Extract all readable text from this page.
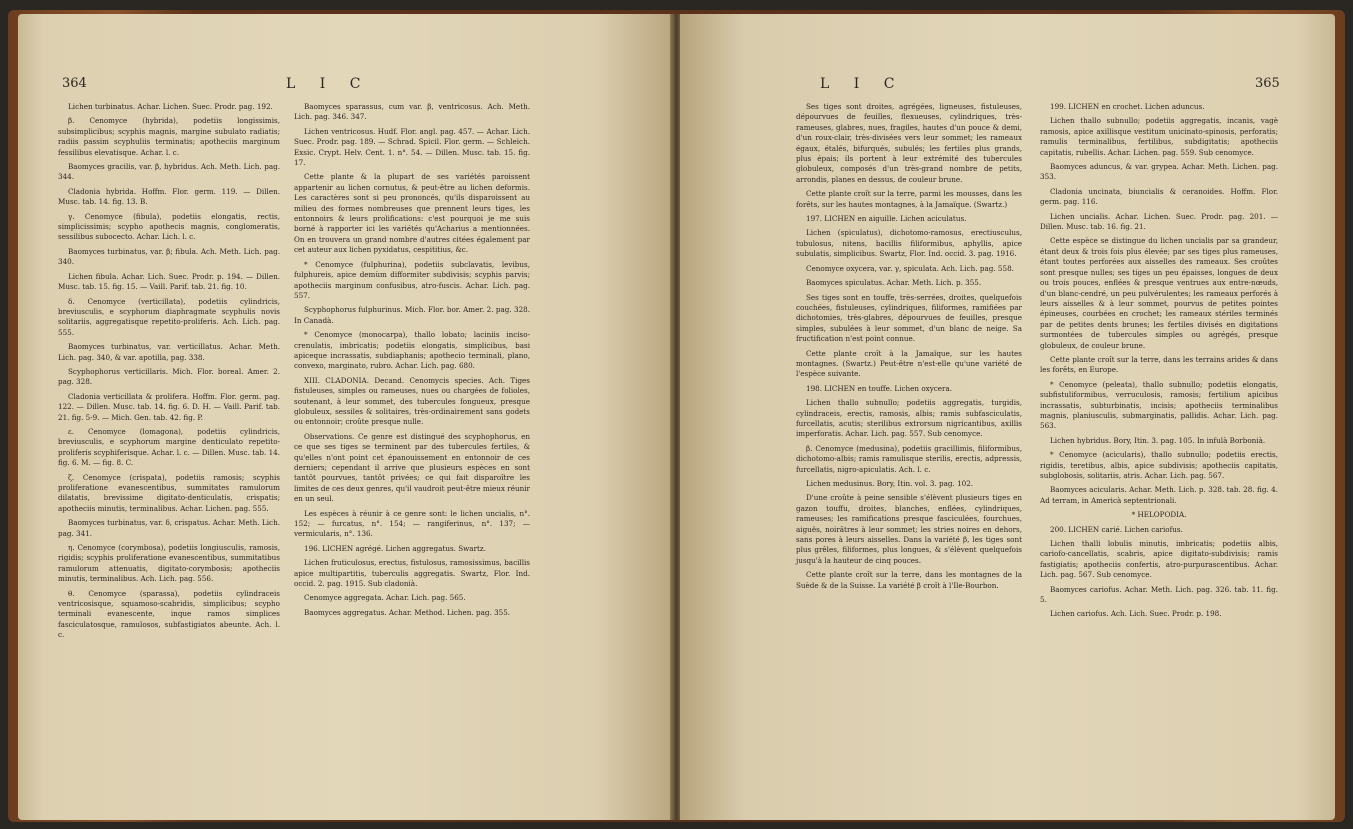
364	L I C

Lichen turbinatus. Achar. Lichen. Suec. Prodr. pag. 192.

β. Cenomyce (hybrida), podetiis longissimis, subsimplicibus; scyphis magnis, margine subulato radiatis; radiis passim scyphuliis terminatis; apotheciis marginum fessilibus elevatisque. Achar. l. c.

Baomyces gracilis, var. β, hybridus. Ach. Meth. Lich. pag. 344.

Cladonia hybrida. Hoffm. Flor. germ. 119. — Dillen. Musc. tab. 14. fig. 13. B.

γ. Cenomyce (fibula), podetiis elongatis, rectis, simplicissimis; scypho apothecis magnis, conglomeratis, sessilibus subocecto. Achar. Lich. l. c.

Baomyces turbinatus, var. β; fibula. Ach. Meth. Lich. pag. 340.

Lichen fibula. Achar. Lich. Suec. Prodr. p. 194. — Dillen. Musc. tab. 15. fig. 15. — Vaill. Parif. tab. 21. fig. 10.

δ. Cenomyce (verticillata), podetiis cylindricis, breviusculis, e scyphorum diaphragmate scyphulis novis solitariis, aggregatisque repetito-proliferis. Ach. Lich. pag. 555.

Baomyces turbinatus, var. verticillatus. Achar. Meth. Lich. pag. 340, & var. apotilla, pag. 338.

Scyphophorus verticillaris. Mich. Flor. boreal. Amer. 2. pag. 328.

Cladonia verticillata & prolifera. Hoffm. Flor. germ. pag. 122. — Dillen. Musc. tab. 14. fig. 6. D. H. — Vaill. Parif. tab. 21. fig. 5-9. — Mich. Gen. tab. 42. fig. P.

ε. Cenomyce (lomagona), podetiis cylindricis, breviusculis, e scyphorum margine denticulato repetito-proliferis scyphiferisque. Achar. l. c. — Dillen. Musc. tab. 14. fig. 6. M. — fig. 8. C.

ζ. Cenomyce (crispata), podetiis ramosis; scyphis proliferatione evanescentibus, summitates ramulorum dilatatis, brevissime digitato-denticulatis, crispatis; apotheciis minutis, terminalibus. Achar. Lichen. pag. 555.

Baomyces turbinatus, var. δ, crispatus. Achar. Meth. Lich. pag. 341.

η. Cenomyce (corymbosa), podetiis longiusculis, ramosis, rigidis; scyphis proliferatione evanescentibus, summitatibus ramulorum attenuatis, digitato-corymbosis; apotheciis minutis, terminalibus. Ach. Lich. pag. 556.

θ. Cenomyce (sparassa), podetiis cylindraceis ventricosisque, squamoso-scabridis, simplicibus; scypho terminali evanescente, inque ramos simplices fasciculatosque, ramulosos, subfastigiatos abeunte. Ach. l. c.

Baomyces sparassus, cum var. β, ventricosus. Ach. Meth. Lich. pag. 346. 347.

Lichen ventricosus. Hudf. Flor. angl. pag. 457. — Achar. Lich. Suec. Prodr. pag. 189. — Schrad. Spicil. Flor. germ. — Schleich. Exsic. Crypt. Helv. Cent. 1. n°. 54. — Dillen. Musc. tab. 15. fig. 17.

Cette plante & la plupart de ses variétés paroissent appartenir au lichen cornutus, & peut-être au lichen deformis. Les caractères sont si peu prononcés, qu'ils disparoissent au milieu des formes nombreuses que prennent leurs tiges, les entonnoirs & leurs prolifications: c'est pourquoi je me suis borné à rapporter ici les variétés qu'Acharius a mentionnées. On en trouvera un grand nombre d'autres citées également par cet auteur aux lichen pyxidatus, cespititius, &c.

* Cenomyce (fulphurina), podetiis subclavatis, levibus, fulphureis, apice demùm difformiter subdivisis; scyphis parvis; apotheciis marginum confusibus, atro-fuscis. Achar. Lich. pag. 557.

Scyphophorus fulphurinus. Mich. Flor. bor. Amer. 2. pag. 328. In Canadà.

* Cenomyce (monocarpa), thallo lobato; laciniis inciso-crenulatis, imbricatis; podetiis elongatis, simplicibus, basi apiceque incrassatis, subdiaphanis; apothecio terminali, plano, convexo, marginato, rubro. Achar. Lich. pag. 680.

XIII. CLADONIA. Decand. Cenomycis species. Ach. Tiges fistuleuses, simples ou rameuses, nues ou chargées de folioles, soutenant, à leur sommet, des tubercules fongueux, presque globuleux, sessiles & solitaires, très-ordinairement sans godets ou entonnoir; croûte presque nulle.

Observations. Ce genre est distingué des scyphophorus, en ce que ses tiges se terminent par des tubercules fertiles, & qu'elles n'ont point cet épanouissement en entonnoir de ces derniers; cependant il arrive que plusieurs espèces en sont tantôt pourvues, tantôt privées; ce qui fait disparoître les limites de ces deux genres, qu'il vaudroit peut-être mieux réunir en un seul.

Les espèces à réunir à ce genre sont: le lichen uncialis, n°. 152; — furcatus, n°. 154; — rangiferinus, n°. 137; — vermicularis, n°. 136.

196. LICHEN agrégé. Lichen aggregatus. Swartz.

Lichen fruticulosus, erectus, fistulosus, ramosissimus, bacillis apice multipartitis, tuberculis aggregatis. Swartz, Flor. Ind. occid. 2. pag. 1915. Sub cladonià.

Cenomyce aggregata. Achar. Lich. pag. 565.

Baomyces aggregatus. Achar. Method. Lichen. pag. 355.

L I C	365

Ses tiges sont droites, agrégées, ligneuses, fistuleuses, dépourvues de feuilles, flexueuses, cylindriques, très-rameuses, glabres, nues, fragiles, hautes d'un pouce & demi, d'un roux-clair, très-divisées vers leur sommet; les rameaux égaux, étalés, bifurqués, subulés; les fertiles plus grands, plus épais; ils portent à leur extrémité des tubercules globuleux, composés d'un très-grand nombre de petits, arrondis, planes en dessus, de couleur brune.

Cette plante croît sur la terre, parmi les mousses, dans les forêts, sur les hautes montagnes, à la Jamaïque. (Swartz.)

197. LICHEN en aiguille. Lichen aciculatus.

Lichen (spiculatus), dichotomo-ramosus, erectiusculus, tubulosus, nitens, bacillis filiformibus, aphyllis, apice subulatis, simplicibus. Swartz, Flor. Ind. occid. 3. pag. 1916.

Cenomyce oxycera, var. γ, spiculata. Ach. Lich. pag. 558.

Baomyces spiculatus. Achar. Meth. Lich. p. 355.

Ses tiges sont en touffe, très-serrées, droites, quelquefois couchées, fistuleuses, cylindriques, filiformes, ramifiées par dichotomies, très-glabres, dépourvues de feuilles, presque simples, subulées à leur sommet, d'un blanc de neige. Sa fructification n'est point connue.

Cette plante croît à la Jamaïque, sur les hautes montagnes. (Swartz.) Peut-être n'est-elle qu'une variété de l'espèce suivante.

198. LICHEN en touffe. Lichen oxycera.

Lichen thallo subnullo; podetiis aggregatis, turgidis, cylindraceis, erectis, ramosis, albis; ramis subfasciculatis, furcellatis, acutis; sterilibus extrorsum nigricantibus, axillis imperforatis. Achar. Lich. pag. 557. Sub cenomyce.

β. Cenomyce (medusina), podetiis gracillimis, filiformibus, dichotomo-albis; ramis ramulisque sterilis, erectis, adpressis, furcellatis, nigro-apiculatis. Ach. l. c.

Lichen medusinus. Bory, Itin. vol. 3. pag. 102.

D'une croûte à peine sensible s'élèvent plusieurs tiges en gazon touffu, droites, blanches, enflées, cylindriques, rameuses; les ramifications presque fasciculées, fourchues, aiguës, noirâtres à leur sommet; les stries noires en dehors, sans pores à leurs aisselles. Dans la variété β, les tiges sont plus grêles, filiformes, plus longues, & s'élèvent quelquefois jusqu'à la hauteur de cinq pouces.

Cette plante croît sur la terre, dans les montagnes de la Suède & de la Suisse. La variété β croît à l'Ile-Bourbon.

199. LICHEN en crochet. Lichen aduncus.

Lichen thallo subnullo; podetiis aggregatis, incanis, vagè ramosis, apice axillisque vestitum unicinato-spinosis, perforatis; ramulis terminalibus, fertilibus, subdigitatis; apotheciis capitatis, rubellis. Achar. Lichen. pag. 559. Sub cenomyce.

Baomyces aduncus, & var. grypea. Achar. Meth. Lichen. pag. 353.

Cladonia uncinata, biuncialis & ceranoides. Hoffm. Flor. germ. pag. 116.

Lichen uncialis. Achar. Lichen. Suec. Prodr. pag. 201. — Dillen. Musc. tab. 16. fig. 21.

Cette espèce se distingue du lichen uncialis par sa grandeur, étant deux & trois fois plus élevée; par ses tiges plus rameuses, étant toutes perforées aux aisselles des rameaux. Ses croûtes sont presque nulles; ses tiges un peu épaisses, longues de deux ou trois pouces, enflées & presque ventrues aux entre-nœuds, d'un blanc-cendré, un peu pulvérulentes; les rameaux perforés à leurs aisselles & à leur sommet, pourvus de petites pointes épineuses, courbées en crochet; les rameaux stériles terminés par de petites dents brunes; les fertiles divisés en digitations surmontées de tubercules simples ou agrégés, presque globuleux, de couleur brune.

Cette plante croît sur la terre, dans les terrains arides & dans les forêts, en Europe.

* Cenomyce (peleata), thallo subnullo; podetiis elongatis, subfistuliformibus, verruculosis, ramosis; fertilium apicibus incrassatis, subturbinatis, incisis; apotheciis terminalibus magnis, planiusculis, submarginatis, pallidis. Achar. Lich. pag. 563.

Lichen hybridus. Bory, Itin. 3. pag. 105. In infulà Borbonià.

* Cenomyce (acicularis), thallo subnullo; podetiis erectis, rigidis, teretibus, albis, apice subdivisis; apotheciis capitatis, subglobosis, solitariis, atris. Achar. Lich. pag. 567.

Baomyces acicularis. Achar. Meth. Lich. p. 328. tab. 28. fig. 4. Ad terram, in Americà septentrionali.

* HELOPODIA.

200. LICHEN carié. Lichen cariofus.

Lichen thalli lobulis minutis, imbricatis; podetiis albis, cariofo-cancellatis, scabris, apice digitato-subdivisis; ramis fastigiatis; apotheciis confertis, atro-purpurascentibus. Achar. Lich. pag. 567. Sub cenomyce.

Baomyces cariofus. Achar. Meth. Lich. pag. 326. tab. 11. fig. 5.

Lichen cariofus. Ach. Lich. Suec. Prodr. p. 198.
